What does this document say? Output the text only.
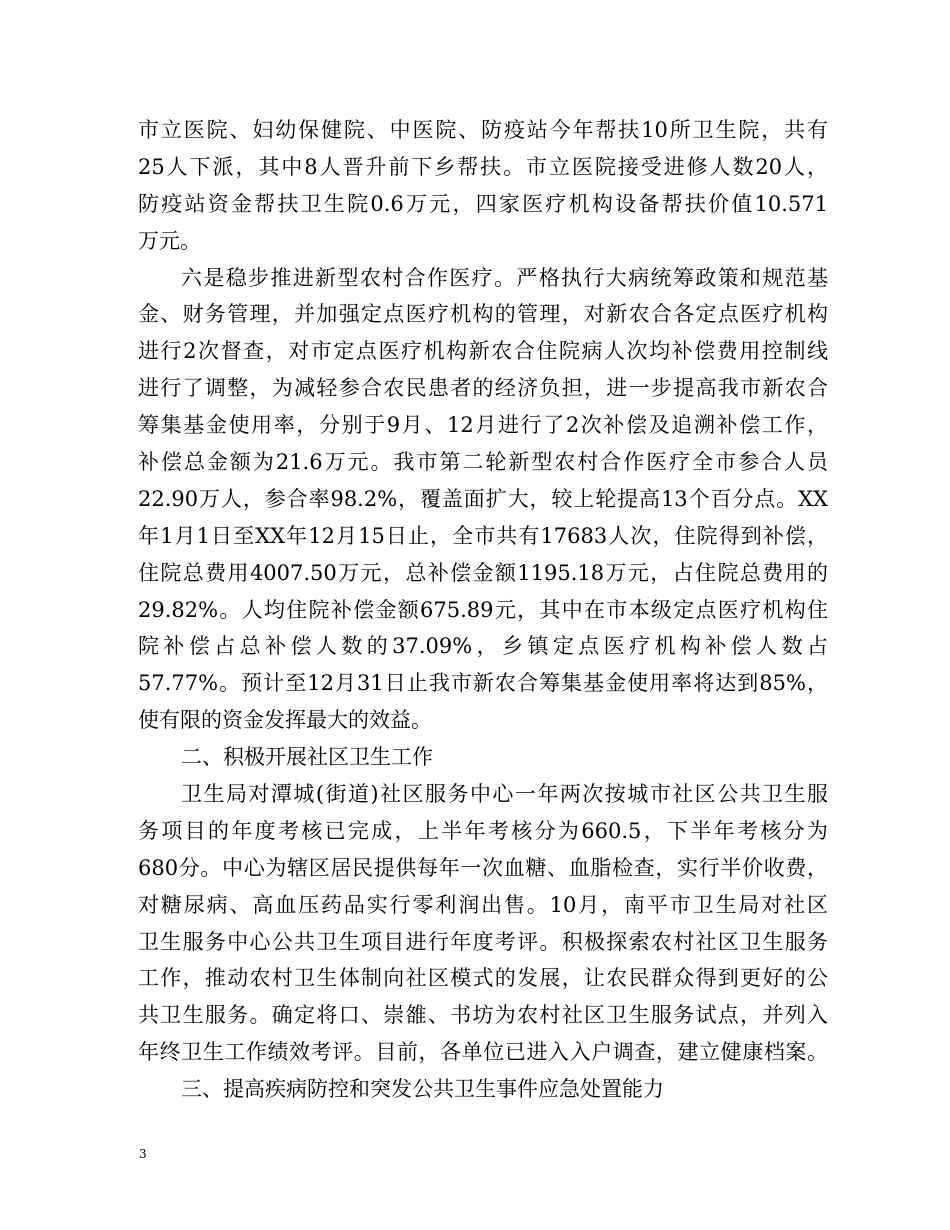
市立医院、妇幼保健院、中医院、防疫站今年帮扶10所卫生院，共有
25人下派，其中8人晋升前下乡帮扶。市立医院接受进修人数20人，
防疫站资金帮扶卫生院0.6万元，四家医疗机构设备帮扶价值10.571
万元。
六是稳步推进新型农村合作医疗。严格执行大病统筹政策和规范基
金、财务管理，并加强定点医疗机构的管理，对新农合各定点医疗机构
进行2次督查，对市定点医疗机构新农合住院病人次均补偿费用控制线
进行了调整，为减轻参合农民患者的经济负担，进一步提高我市新农合
筹集基金使用率，分别于9月、12月进行了2次补偿及追溯补偿工作，
补偿总金额为21.6万元。我市第二轮新型农村合作医疗全市参合人员
22.90万人，参合率98.2%，覆盖面扩大，较上轮提高13个百分点。XX
年1月1日至XX年12月15日止，全市共有17683人次，住院得到补偿，
住院总费用4007.50万元，总补偿金额1195.18万元，占住院总费用的
29.82%。人均住院补偿金额675.89元，其中在市本级定点医疗机构住
院补偿占总补偿人数的37.09%，乡镇定点医疗机构补偿人数占
57.77%。预计至12月31日止我市新农合筹集基金使用率将达到85%，
使有限的资金发挥最大的效益。
二、积极开展社区卫生工作
卫生局对潭城(街道)社区服务中心一年两次按城市社区公共卫生服
务项目的年度考核已完成，上半年考核分为660.5，下半年考核分为
680分。中心为辖区居民提供每年一次血糖、血脂检查，实行半价收费，
对糖尿病、高血压药品实行零利润出售。10月，南平市卫生局对社区
卫生服务中心公共卫生项目进行年度考评。积极探索农村社区卫生服务
工作，推动农村卫生体制向社区模式的发展，让农民群众得到更好的公
共卫生服务。确定将口、崇雒、书坊为农村社区卫生服务试点，并列入
年终卫生工作绩效考评。目前，各单位已进入入户调查，建立健康档案。
三、提高疾病防控和突发公共卫生事件应急处置能力
3
